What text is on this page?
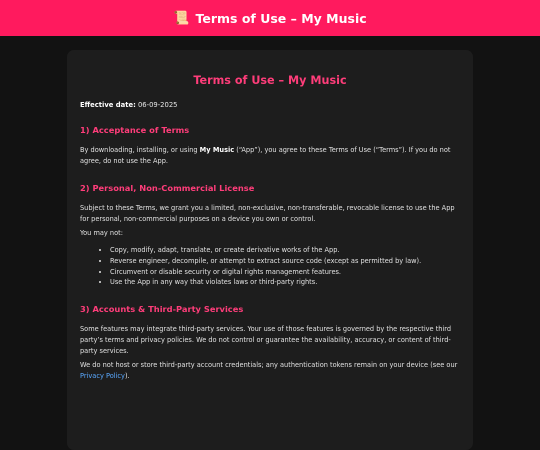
📜 Terms of Use – My Music
Terms of Use – My Music
Effective date: 06-09-2025
1) Acceptance of Terms

By downloading, installing, or using My Music (“App”), you agree to these Terms of Use (“Terms”). If you do not agree, do not use the App.

2) Personal, Non-Commercial License

Subject to these Terms, we grant you a limited, non-exclusive, non-transferable, revocable license to use the App for personal, non-commercial purposes on a device you own or control.

You may not:

• Copy, modify, adapt, translate, or create derivative works of the App.
• Reverse engineer, decompile, or attempt to extract source code (except as permitted by law).
• Circumvent or disable security or digital rights management features.
• Use the App in any way that violates laws or third-party rights.
3) Accounts & Third-Party Services

Some features may integrate third-party services. Your use of those features is governed by the respective third party’s terms and privacy policies. We do not control or guarantee the availability, accuracy, or content of third-party services.

We do not host or store third-party account credentials; any authentication tokens remain on your device (see our Privacy Policy).
